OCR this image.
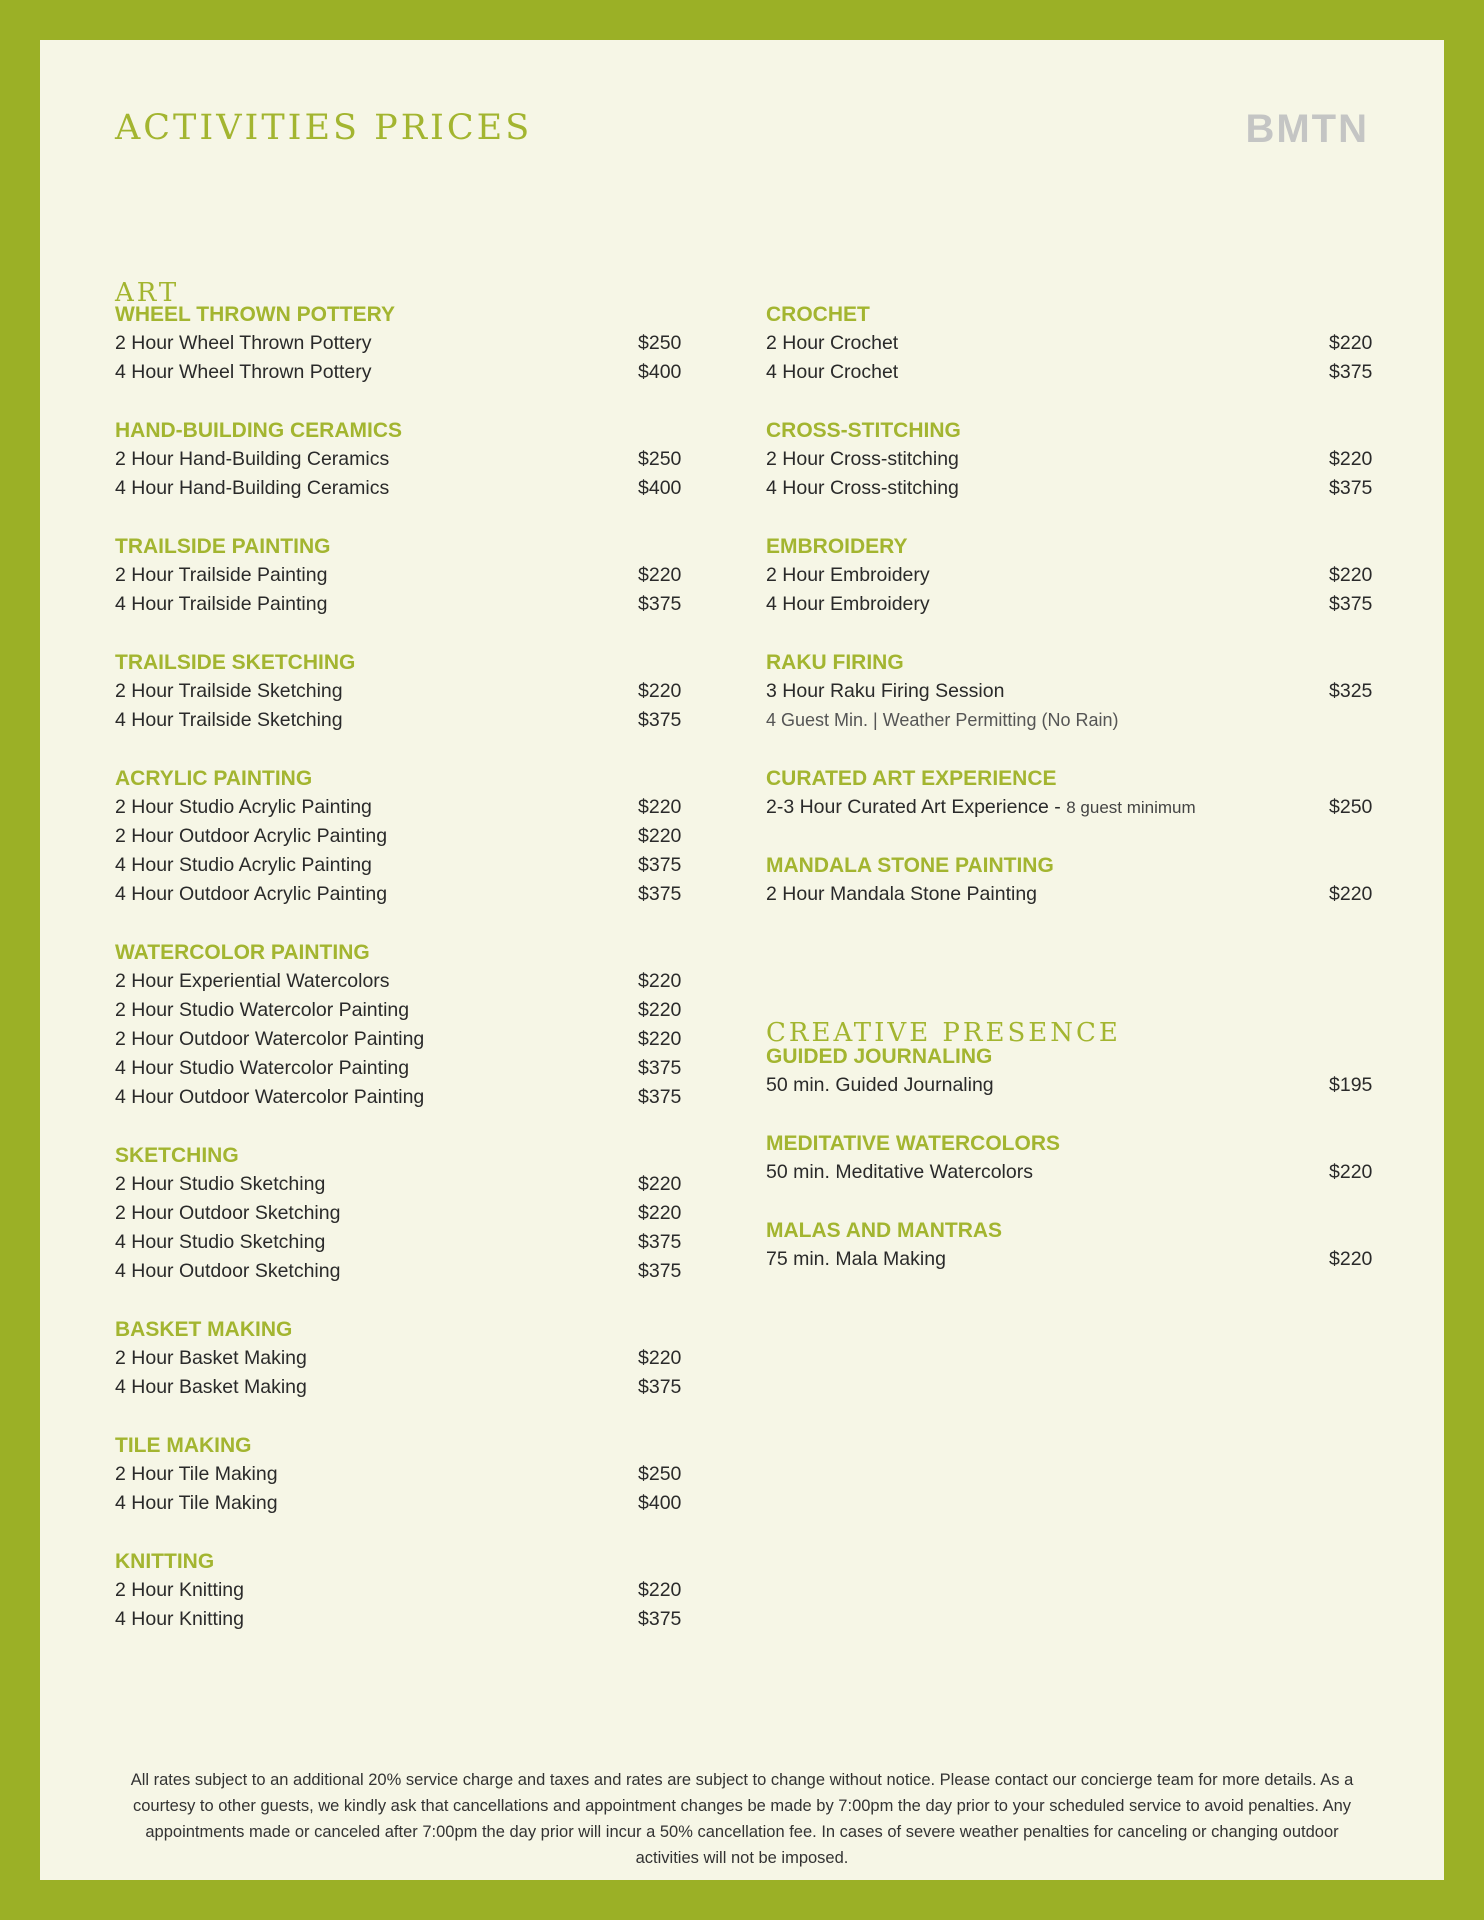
ACTIVITIES PRICES	BMTN
ART
WHEEL THROWN POTTERY
2 Hour Wheel Thrown Pottery	$250
4 Hour Wheel Thrown Pottery	$400
HAND-BUILDING CERAMICS
2 Hour Hand-Building Ceramics	$250
4 Hour Hand-Building Ceramics	$400
TRAILSIDE PAINTING
2 Hour Trailside Painting	$220
4 Hour Trailside Painting	$375
TRAILSIDE SKETCHING
2 Hour Trailside Sketching	$220
4 Hour Trailside Sketching	$375
ACRYLIC PAINTING
2 Hour Studio Acrylic Painting	$220
2 Hour Outdoor Acrylic Painting	$220
4 Hour Studio Acrylic Painting	$375
4 Hour Outdoor Acrylic Painting	$375
WATERCOLOR PAINTING
2 Hour Experiential Watercolors	$220
2 Hour Studio Watercolor Painting	$220
2 Hour Outdoor Watercolor Painting	$220
4 Hour Studio Watercolor Painting	$375
4 Hour Outdoor Watercolor Painting	$375
SKETCHING
2 Hour Studio Sketching	$220
2 Hour Outdoor Sketching	$220
4 Hour Studio Sketching	$375
4 Hour Outdoor Sketching	$375
BASKET MAKING
2 Hour Basket Making	$220
4 Hour Basket Making	$375
TILE MAKING
2 Hour Tile Making	$250
4 Hour Tile Making	$400
KNITTING
2 Hour Knitting	$220
4 Hour Knitting	$375
CROCHET
2 Hour Crochet	$220
4 Hour Crochet	$375
CROSS-STITCHING
2 Hour Cross-stitching	$220
4 Hour Cross-stitching	$375
EMBROIDERY
2 Hour Embroidery	$220
4 Hour Embroidery	$375
RAKU FIRING
3 Hour Raku Firing Session	$325
4 Guest Min. | Weather Permitting (No Rain)
CURATED ART EXPERIENCE
2-3 Hour Curated Art Experience - 8 guest minimum	$250
MANDALA STONE PAINTING
2 Hour Mandala Stone Painting	$220
CREATIVE PRESENCE
GUIDED JOURNALING
50 min. Guided Journaling	$195
MEDITATIVE WATERCOLORS
50 min. Meditative Watercolors	$220
MALAS AND MANTRAS
75 min. Mala Making	$220

All rates subject to an additional 20% service charge and taxes and rates are subject to change without notice. Please contact our concierge team for more details. As a courtesy to other guests, we kindly ask that cancellations and appointment changes be made by 7:00pm the day prior to your scheduled service to avoid penalties. Any appointments made or canceled after 7:00pm the day prior will incur a 50% cancellation fee. In cases of severe weather penalties for canceling or changing outdoor activities will not be imposed.
